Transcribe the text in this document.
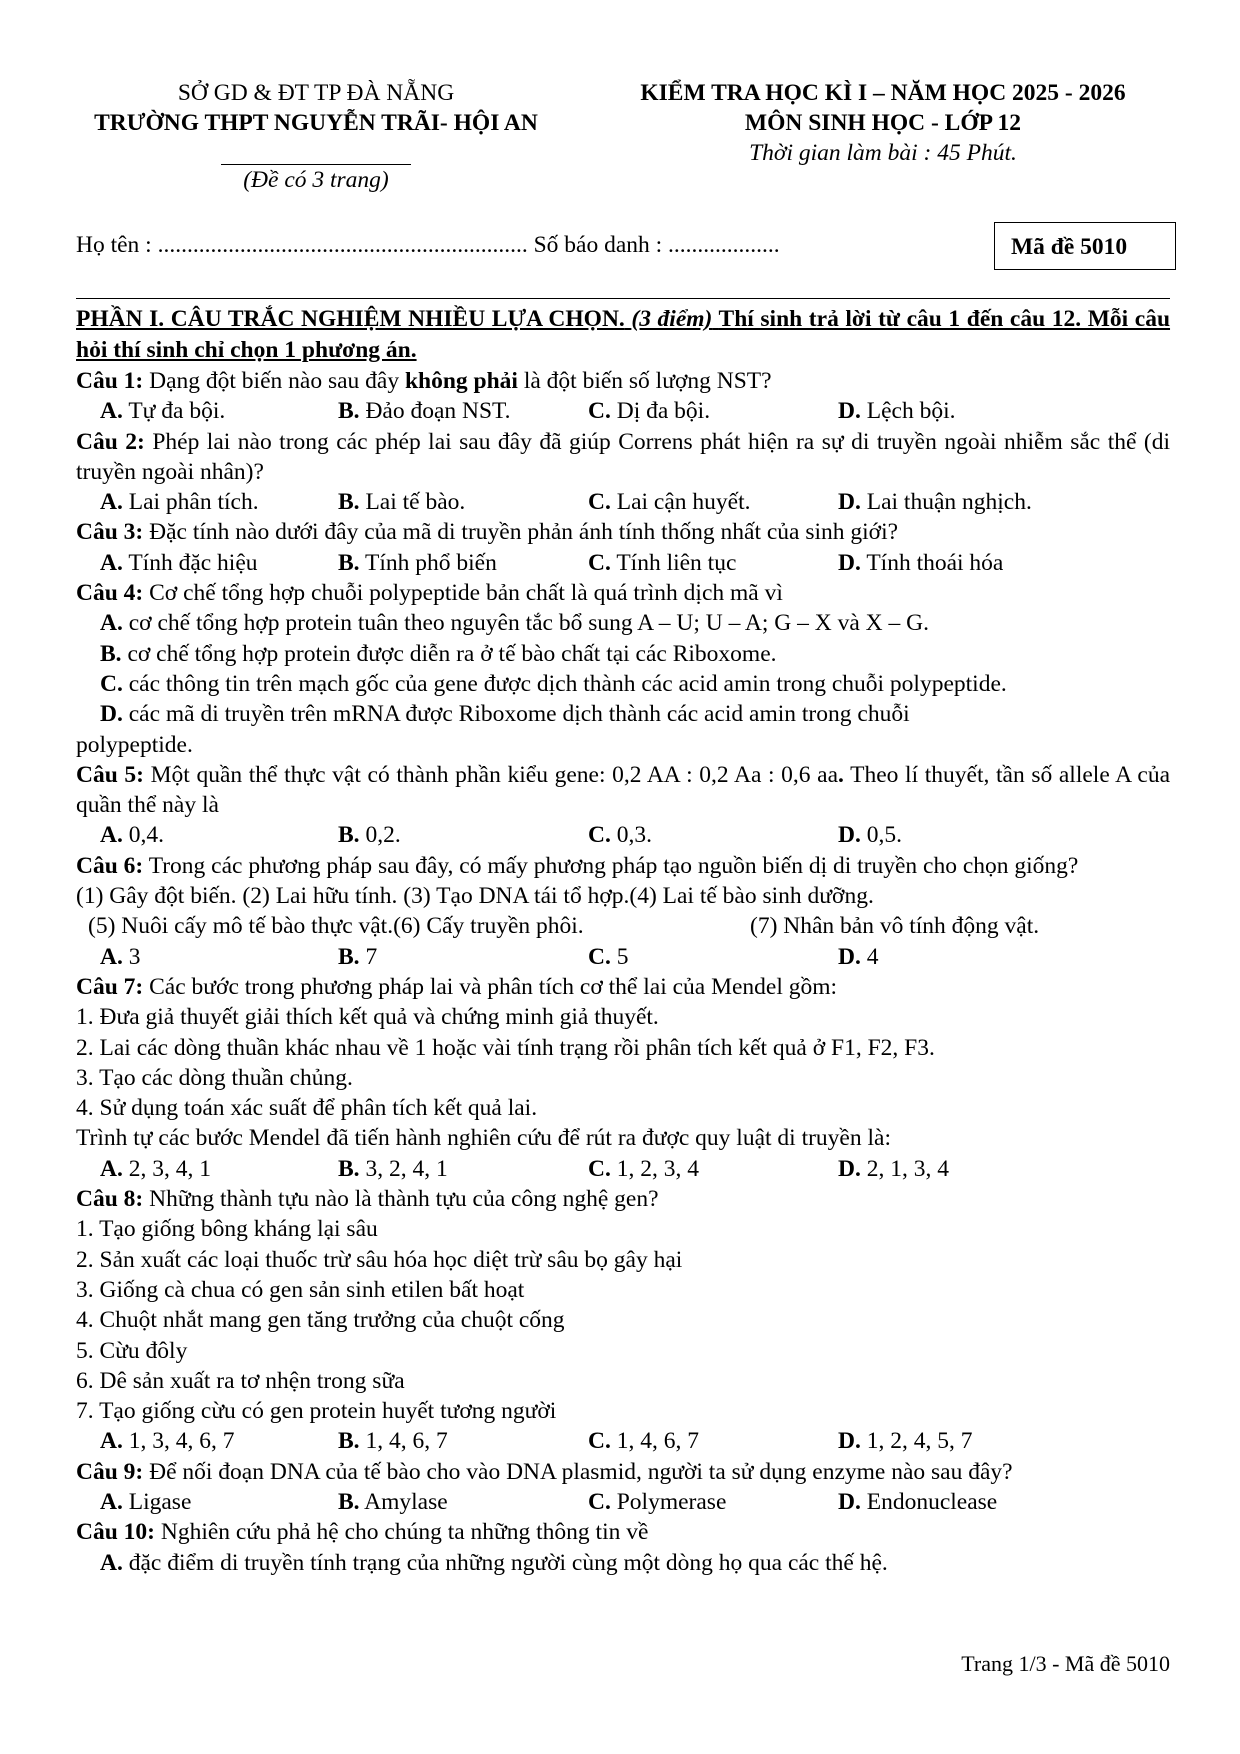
SỞ GD & ĐT TP ĐÀ NẴNG
TRƯỜNG THPT NGUYỄN TRÃI- HỘI AN
(Đề có 3 trang)
KIỂM TRA HỌC KÌ I – NĂM HỌC 2025 - 2026
MÔN SINH HỌC - LỚP 12
Thời gian làm bài : 45 Phút.
Họ tên : ............................................................... Số báo danh : ...................	Mã đề 5010
PHẦN I. CÂU TRẮC NGHIỆM NHIỀU LỰA CHỌN. (3 điểm) Thí sinh trả lời từ câu 1 đến câu 12. Mỗi câu hỏi thí sinh chỉ chọn 1 phương án.
Câu 1: Dạng đột biến nào sau đây không phải là đột biến số lượng NST?
A. Tự đa bội.	B. Đảo đoạn NST.	C. Dị đa bội.	D. Lệch bội.
Câu 2: Phép lai nào trong các phép lai sau đây đã giúp Correns phát hiện ra sự di truyền ngoài nhiễm sắc thể (di truyền ngoài nhân)?
A. Lai phân tích.	B. Lai tế bào.	C. Lai cận huyết.	D. Lai thuận nghịch.
Câu 3: Đặc tính nào dưới đây của mã di truyền phản ánh tính thống nhất của sinh giới?
A. Tính đặc hiệu	B. Tính phổ biến	C. Tính liên tục	D. Tính thoái hóa
Câu 4: Cơ chế tổng hợp chuỗi polypeptide bản chất là quá trình dịch mã vì
A. cơ chế tổng hợp protein tuân theo nguyên tắc bổ sung A – U; U – A; G – X và X – G.
B. cơ chế tổng hợp protein được diễn ra ở tế bào chất tại các Riboxome.
C. các thông tin trên mạch gốc của gene được dịch thành các acid amin trong chuỗi polypeptide.
D. các mã di truyền trên mRNA được Riboxome dịch thành các acid amin trong chuỗi
polypeptide.
Câu 5: Một quần thể thực vật có thành phần kiểu gene: 0,2 AA : 0,2 Aa : 0,6 aa. Theo lí thuyết, tần số allele A của quần thể này là
A. 0,4.	B. 0,2.	C. 0,3.	D. 0,5.
Câu 6: Trong các phương pháp sau đây, có mấy phương pháp tạo nguồn biến dị di truyền cho chọn giống?
(1) Gây đột biến. (2) Lai hữu tính. (3) Tạo DNA tái tổ hợp.(4) Lai tế bào sinh dưỡng.
(5) Nuôi cấy mô tế bào thực vật.(6) Cấy truyền phôi.	(7) Nhân bản vô tính động vật.
A. 3	B. 7	C. 5	D. 4
Câu 7: Các bước trong phương pháp lai và phân tích cơ thể lai của Mendel gồm:
1. Đưa giả thuyết giải thích kết quả và chứng minh giả thuyết.
2. Lai các dòng thuần khác nhau về 1 hoặc vài tính trạng rồi phân tích kết quả ở F1, F2, F3.
3. Tạo các dòng thuần chủng.
4. Sử dụng toán xác suất để phân tích kết quả lai.
Trình tự các bước Mendel đã tiến hành nghiên cứu để rút ra được quy luật di truyền là:
A. 2, 3, 4, 1	B. 3, 2, 4, 1	C. 1, 2, 3, 4	D. 2, 1, 3, 4
Câu 8: Những thành tựu nào là thành tựu của công nghệ gen?
1. Tạo giống bông kháng lại sâu
2. Sản xuất các loại thuốc trừ sâu hóa học diệt trừ sâu bọ gây hại
3. Giống cà chua có gen sản sinh etilen bất hoạt
4. Chuột nhắt mang gen tăng trưởng của chuột cống
5. Cừu đôly
6. Dê sản xuất ra tơ nhện trong sữa
7. Tạo giống cừu có gen protein huyết tương người
A. 1, 3, 4, 6, 7	B. 1, 4, 6, 7	C. 1, 4, 6, 7	D. 1, 2, 4, 5, 7
Câu 9: Để nối đoạn DNA của tế bào cho vào DNA plasmid, người ta sử dụng enzyme nào sau đây?
A. Ligase	B. Amylase	C. Polymerase	D. Endonuclease
Câu 10: Nghiên cứu phả hệ cho chúng ta những thông tin về
A. đặc điểm di truyền tính trạng của những người cùng một dòng họ qua các thế hệ.
Trang 1/3 - Mã đề 5010
